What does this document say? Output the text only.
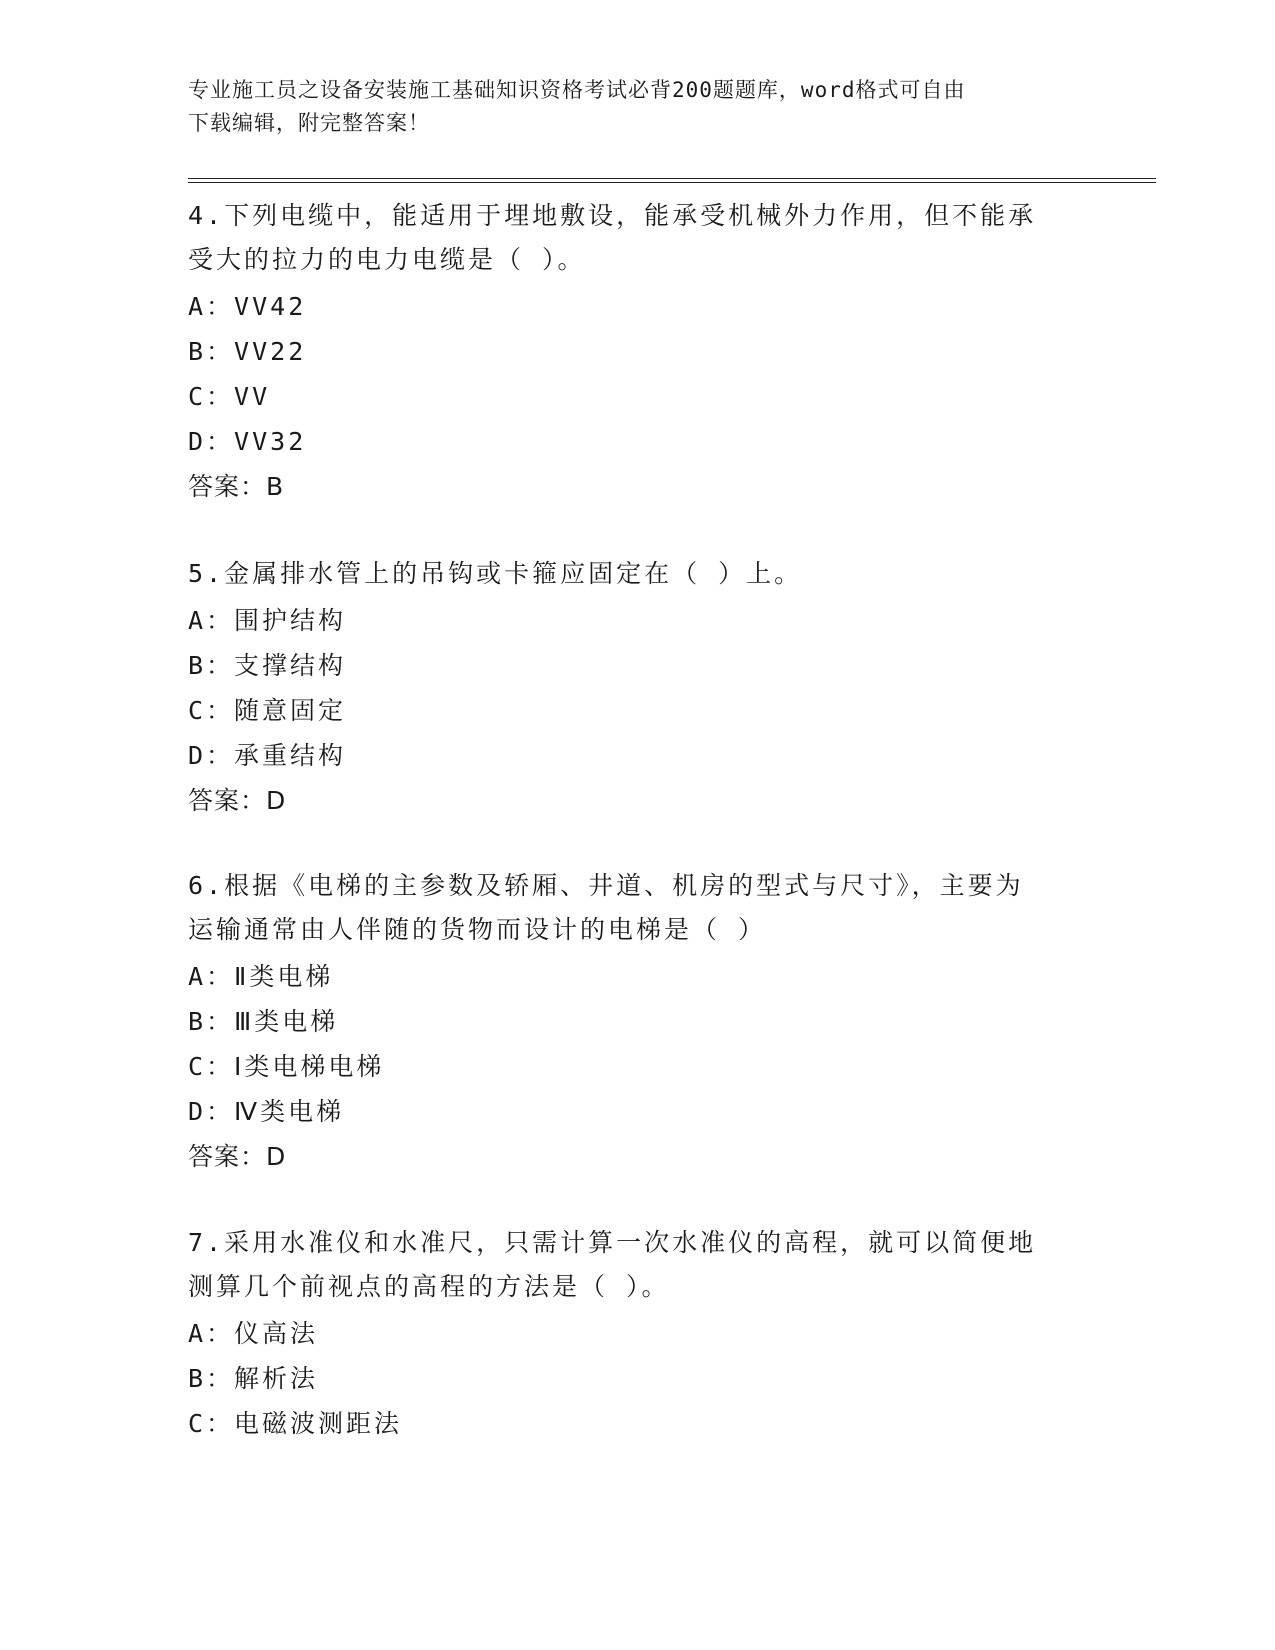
专业施工员之设备安装施工基础知识资格考试必背200题题库，word格式可自由
下载编辑，附完整答案！
4.下列电缆中，能适用于埋地敷设，能承受机械外力作用，但不能承
受大的拉力的电力电缆是（ ）。
A：VV42
B：VV22
C：VV
D：VV32
答案：B
5.金属排水管上的吊钩或卡箍应固定在（ ）上。
A：围护结构
B：支撑结构
C：随意固定
D：承重结构
答案：D
6.根据《电梯的主参数及轿厢、井道、机房的型式与尺寸》，主要为
运输通常由人伴随的货物而设计的电梯是（ ）
A：Ⅱ类电梯
B：Ⅲ类电梯
C：Ⅰ类电梯电梯
D：Ⅳ类电梯
答案：D
7.采用水准仪和水准尺，只需计算一次水准仪的高程，就可以简便地
测算几个前视点的高程的方法是（ ）。
A：仪高法
B：解析法
C：电磁波测距法
